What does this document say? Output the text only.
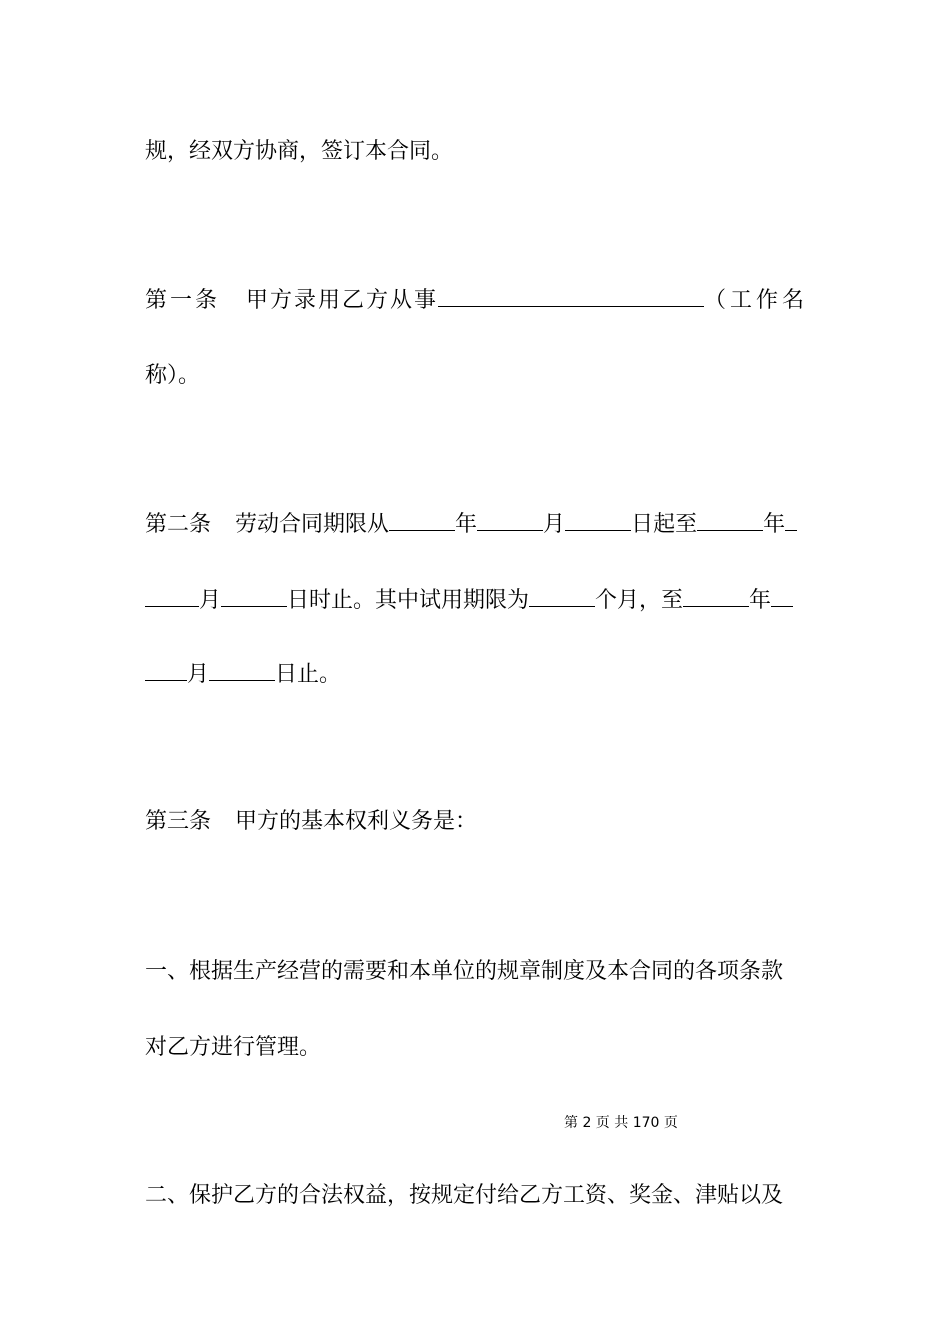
规，经双方协商，签订本合同。

第一条 甲方录用乙方从事	（工作名

称）。

第二条 劳动合同期限从	年	月	日起至	年

月	日时止。其中试用期限为	个月，至	年

月	日止。

第三条 甲方的基本权利义务是：

一、根据生产经营的需要和本单位的规章制度及本合同的各项条款

对乙方进行管理。

第 2 页 共 170 页

二、保护乙方的合法权益，按规定付给乙方工资、奖金、津贴以及
